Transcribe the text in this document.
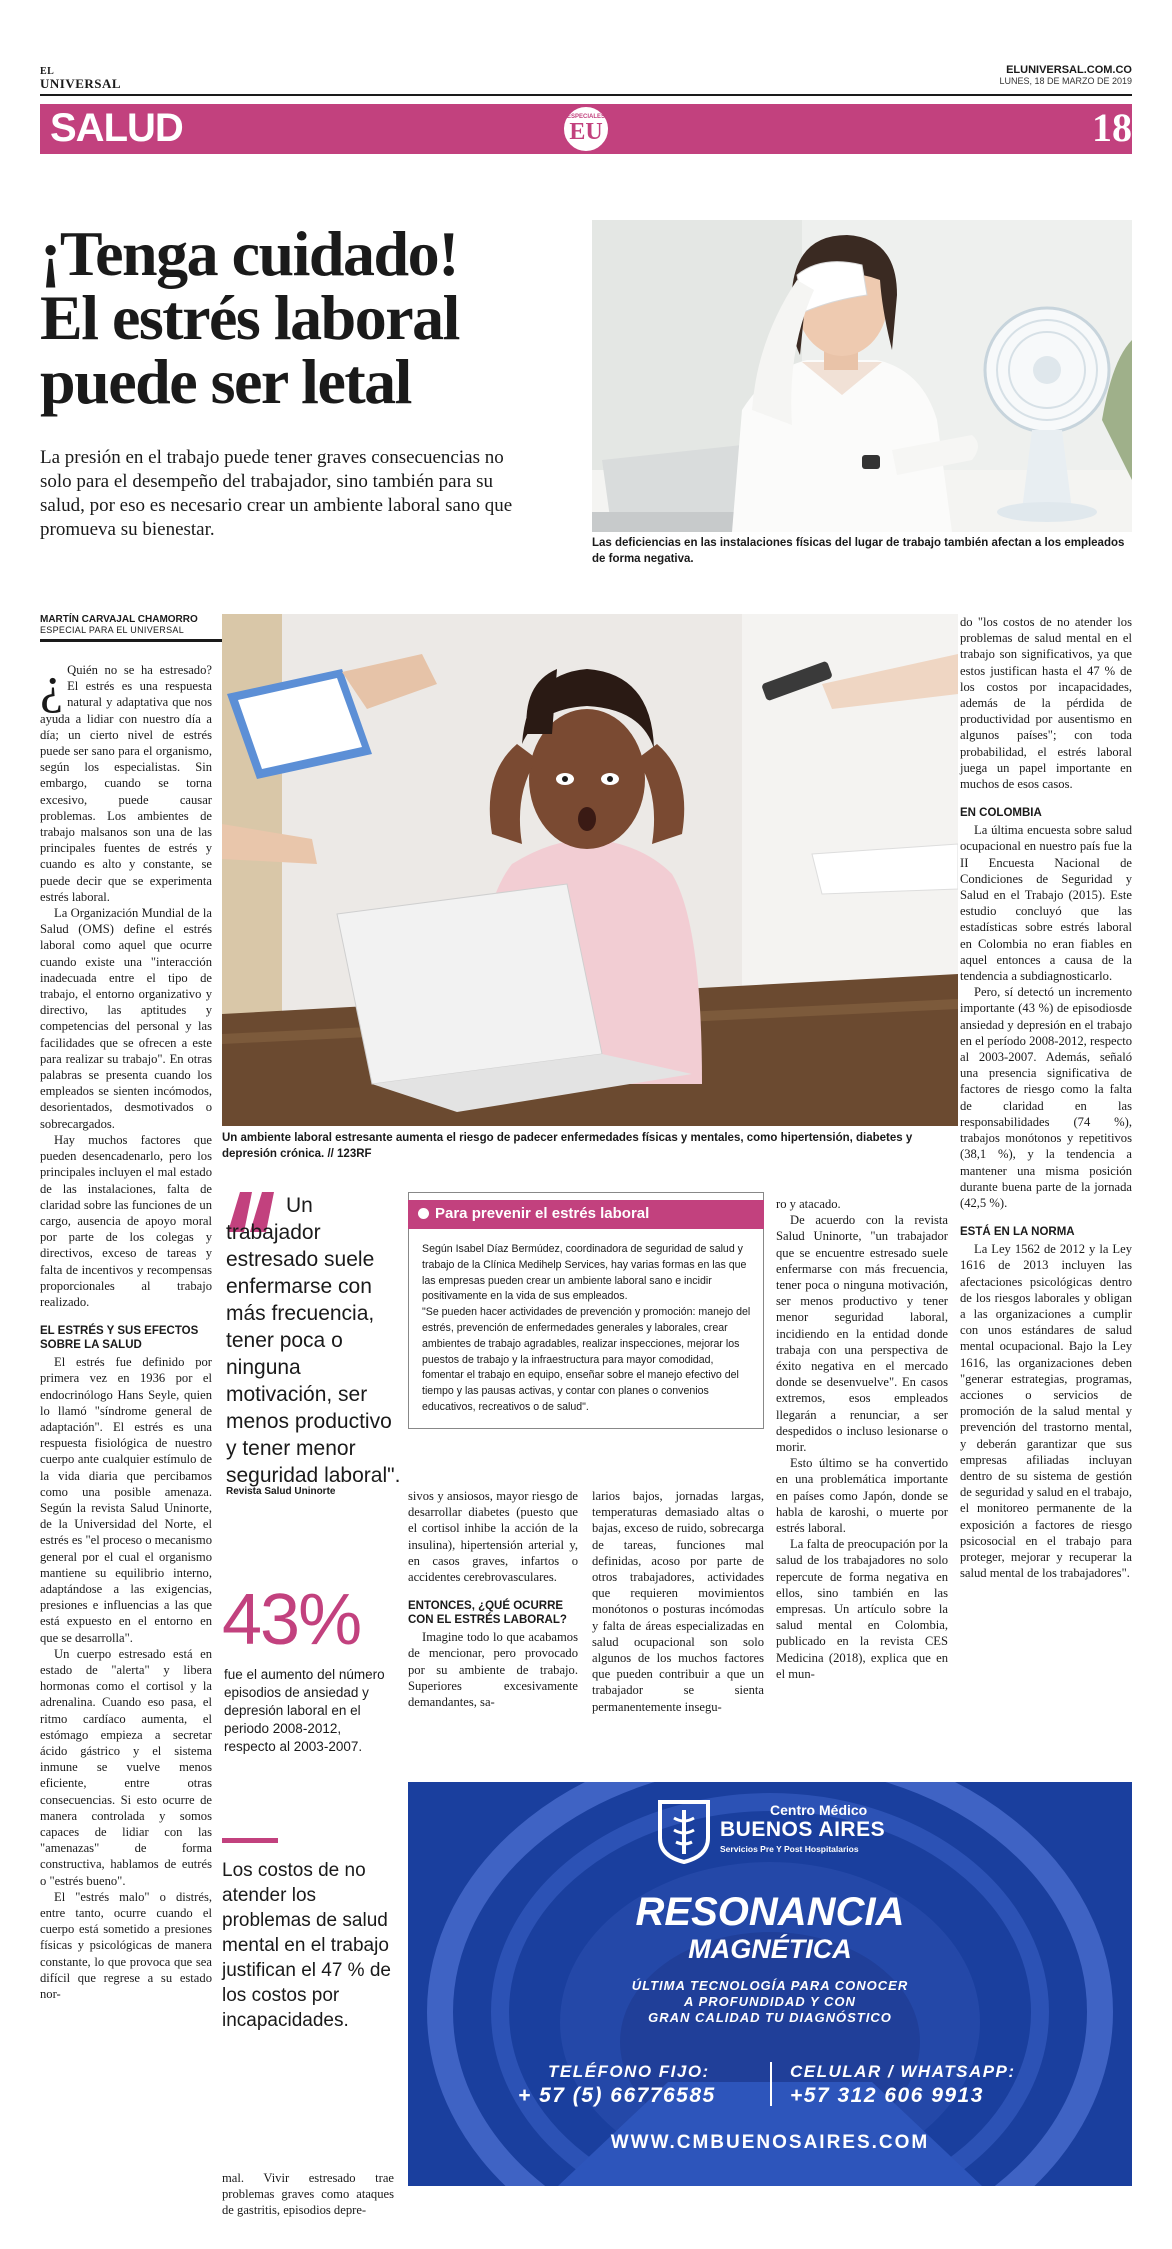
EL
UNIVERSAL
ELUNIVERSAL.COM.CO
LUNES, 18 DE MARZO DE 2019
SALUD	ESPECIALES
EU	18
¡Tenga cuidado!
El estrés laboral
puede ser letal
La presión en el trabajo puede tener graves consecuencias no solo para el desempeño del trabajador, sino también para su salud, por eso es necesario crear un ambiente laboral sano que promueva su bienestar.
Las deficiencias en las instalaciones físicas del lugar de trabajo también afectan a los empleados de forma negativa.
MARTÍN CARVAJAL CHAMORRO
ESPECIAL PARA EL UNIVERSAL
Un ambiente laboral estresante aumenta el riesgo de padecer enfermedades físicas y mentales, como hipertensión, diabetes y depresión crónica. // 123RF

¿ Quién no se ha estresado? El estrés es una respuesta natural y adaptativa que nos ayuda a lidiar con nuestro día a día; un cierto nivel de estrés puede ser sano para el organismo, según los especialistas. Sin embargo, cuando se torna excesivo, puede causar problemas. Los ambientes de trabajo malsanos son una de las principales fuentes de estrés y cuando es alto y constante, se puede decir que se experimenta estrés laboral.

La Organización Mundial de la Salud (OMS) define el estrés laboral como aquel que ocurre cuando existe una "interacción inadecuada entre el tipo de trabajo, el entorno organizativo y directivo, las aptitudes y competencias del personal y las facilidades que se ofrecen a este para realizar su trabajo". En otras palabras se presenta cuando los empleados se sienten incómodos, desorientados, desmotivados o sobrecargados.

Hay muchos factores que pueden desencadenarlo, pero los principales incluyen el mal estado de las instalaciones, falta de claridad sobre las funciones de un cargo, ausencia de apoyo moral por parte de los colegas y directivos, exceso de tareas y falta de incentivos y recompensas proporcionales al trabajo realizado.

EL ESTRÉS Y SUS EFECTOS SOBRE LA SALUD

El estrés fue definido por primera vez en 1936 por el endocrinólogo Hans Seyle, quien lo llamó "síndrome general de adaptación". El estrés es una respuesta fisiológica de nuestro cuerpo ante cualquier estímulo de la vida diaria que percibamos como una posible amenaza. Según la revista Salud Uninorte, de la Universidad del Norte, el estrés es "el proceso o mecanismo general por el cual el organismo mantiene su equilibrio interno, adaptándose a las exigencias, presiones e influencias a las que está expuesto en el entorno en que se desarrolla".

Un cuerpo estresado está en estado de "alerta" y libera hormonas como el cortisol y la adrenalina. Cuando eso pasa, el ritmo cardíaco aumenta, el estómago empieza a secretar ácido gástrico y el sistema inmune se vuelve menos eficiente, entre otras consecuencias. Si esto ocurre de manera controlada y somos capaces de lidiar con las "amenazas" de forma constructiva, hablamos de eutrés o "estrés bueno".

El "estrés malo" o distrés, entre tanto, ocurre cuando el cuerpo está sometido a presiones físicas y psicológicas de manera constante, lo que provoca que sea difícil que regrese a su estado nor-

Un trabajador estresado suele enfermarse con más frecuencia, tener poca o ninguna motivación, ser menos productivo y tener menor seguridad laboral".
Revista Salud Uninorte
43%
fue el aumento del número episodios de ansiedad y depresión laboral en el periodo 2008-2012, respecto al 2003-2007.
Los costos de no atender los problemas de salud mental en el trabajo justifican el 47 % de los costos por incapacidades.

mal. Vivir estresado trae problemas graves como ataques de gastritis, episodios depre-

Para prevenir el estrés laboral

Según Isabel Díaz Bermúdez, coordinadora de seguridad de salud y trabajo de la Clínica Medihelp Services, hay varias formas en las que las empresas pueden crear un ambiente laboral sano e incidir positivamente en la vida de sus empleados.

"Se pueden hacer actividades de prevención y promoción: manejo del estrés, prevención de enfermedades generales y laborales, crear ambientes de trabajo agradables, realizar inspecciones, mejorar los puestos de trabajo y la infraestructura para mayor comodidad, fomentar el trabajo en equipo, enseñar sobre el manejo efectivo del tiempo y las pausas activas, y contar con planes o convenios educativos, recreativos o de salud".

sivos y ansiosos, mayor riesgo de desarrollar diabetes (puesto que el cortisol inhibe la acción de la insulina), hipertensión arterial y, en casos graves, infartos o accidentes cerebrovasculares.

ENTONCES, ¿QUÉ OCURRE CON EL ESTRÉS LABORAL?

Imagine todo lo que acabamos de mencionar, pero provocado por su ambiente de trabajo. Superiores excesivamente demandantes, sa-

larios bajos, jornadas largas, temperaturas demasiado altas o bajas, exceso de ruido, sobrecarga de tareas, funciones mal definidas, acoso por parte de otros trabajadores, actividades que requieren movimientos monótonos o posturas incómodas y falta de áreas especializadas en salud ocupacional son solo algunos de los muchos factores que pueden contribuir a que un trabajador se sienta permanentemente insegu-

ro y atacado.

De acuerdo con la revista Salud Uninorte, "un trabajador que se encuentre estresado suele enfermarse con más frecuencia, tener poca o ninguna motivación, ser menos productivo y tener menor seguridad laboral, incidiendo en la entidad donde trabaja con una perspectiva de éxito negativa en el mercado donde se desenvuelve". En casos extremos, esos empleados llegarán a renunciar, a ser despedidos o incluso lesionarse o morir.

Esto último se ha convertido en una problemática importante en países como Japón, donde se habla de karoshi, o muerte por estrés laboral.

La falta de preocupación por la salud de los trabajadores no solo repercute de forma negativa en ellos, sino también en las empresas. Un artículo sobre la salud mental en Colombia, publicado en la revista CES Medicina (2018), explica que en el mun-

do "los costos de no atender los problemas de salud mental en el trabajo son significativos, ya que estos justifican hasta el 47 % de los costos por incapacidades, además de la pérdida de productividad por ausentismo en algunos países"; con toda probabilidad, el estrés laboral juega un papel importante en muchos de esos casos.

EN COLOMBIA

La última encuesta sobre salud ocupacional en nuestro país fue la II Encuesta Nacional de Condiciones de Seguridad y Salud en el Trabajo (2015). Este estudio concluyó que las estadísticas sobre estrés laboral en Colombia no eran fiables en aquel entonces a causa de la tendencia a subdiagnosticarlo.

Pero, sí detectó un incremento importante (43 %) de episodiosde ansiedad y depresión en el trabajo en el período 2008-2012, respecto al 2003-2007. Además, señaló una presencia significativa de factores de riesgo como la falta de claridad en las responsabilidades (74 %), trabajos monótonos y repetitivos (38,1 %), y la tendencia a mantener una misma posición durante buena parte de la jornada (42,5 %).

ESTÁ EN LA NORMA

La Ley 1562 de 2012 y la Ley 1616 de 2013 incluyen las afectaciones psicológicas dentro de los riesgos laborales y obligan a las organizaciones a cumplir con unos estándares de salud mental ocupacional. Bajo la Ley 1616, las organizaciones deben "generar estrategias, programas, acciones o servicios de promoción de la salud mental y prevención del trastorno mental, y deberán garantizar que sus empresas afiliadas incluyan dentro de su sistema de gestión de seguridad y salud en el trabajo, el monitoreo permanente de la exposición a factores de riesgo psicosocial en el trabajo para proteger, mejorar y recuperar la salud mental de los trabajadores".

Centro Médico
BUENOS AIRES
Servicios Pre Y Post Hospitalarios
RESONANCIA
MAGNÉTICA
ÚLTIMA TECNOLOGÍA PARA CONOCER
A PROFUNDIDAD Y CON
GRAN CALIDAD TU DIAGNÓSTICO
TELÉFONO FIJO:
+ 57 (5) 66776585
CELULAR / WHATSAPP:
+57 312 606 9913
WWW.CMBUENOSAIRES.COM
